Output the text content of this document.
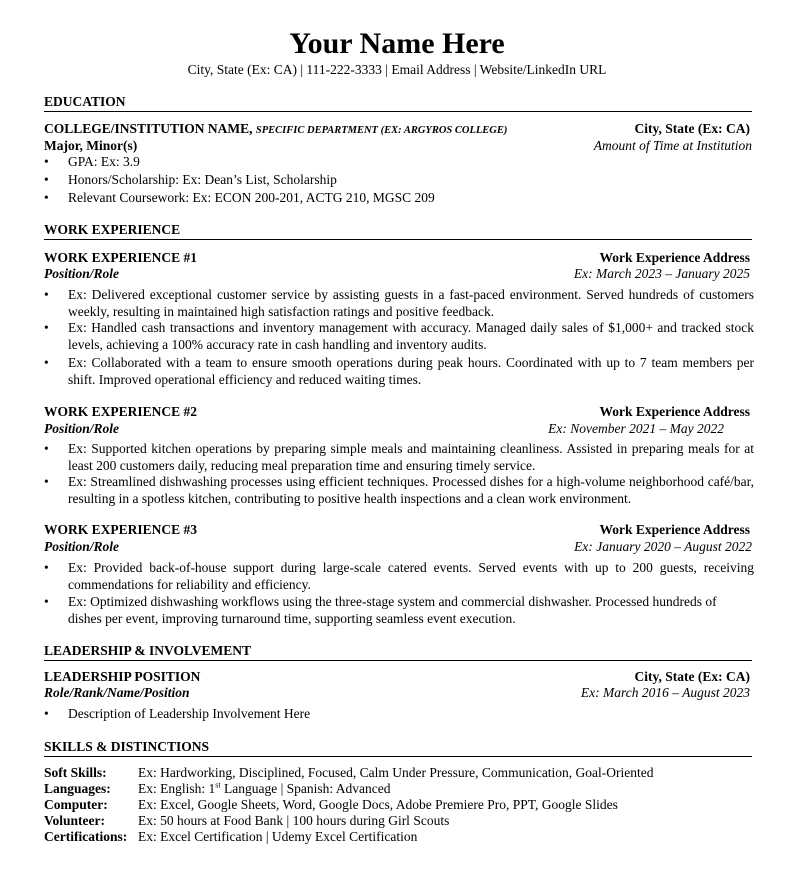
Your Name Here
City, State (Ex: CA) | 111-222-3333 | Email Address | Website/LinkedIn URL
EDUCATION
COLLEGE/INSTITUTION NAME, SPECIFIC DEPARTMENT (EX: ARGYROS COLLEGE)	City, State (Ex: CA)
Major, Minor(s)	Amount of Time at Institution
•	GPA: Ex: 3.9
•	Honors/Scholarship: Ex: Dean’s List, Scholarship
•	Relevant Coursework: Ex: ECON 200-201, ACTG 210, MGSC 209
WORK EXPERIENCE
WORK EXPERIENCE #1	Work Experience Address
Position/Role	Ex: March 2023 – January 2025
•	Ex: Delivered exceptional customer service by assisting guests in a fast-paced environment. Served hundreds of customers weekly, resulting in maintained high satisfaction ratings and positive feedback.
•	Ex: Handled cash transactions and inventory management with accuracy. Managed daily sales of $1,000+ and tracked stock levels, achieving a 100% accuracy rate in cash handling and inventory audits.
•	Ex: Collaborated with a team to ensure smooth operations during peak hours. Coordinated with up to 7 team members per shift. Improved operational efficiency and reduced waiting times.
WORK EXPERIENCE #2	Work Experience Address
Position/Role	Ex: November 2021 – May 2022
•	Ex: Supported kitchen operations by preparing simple meals and maintaining cleanliness. Assisted in preparing meals for at least 200 customers daily, reducing meal preparation time and ensuring timely service.
•	Ex: Streamlined dishwashing processes using efficient techniques. Processed dishes for a high-volume neighborhood café/bar, resulting in a spotless kitchen, contributing to positive health inspections and a clean work environment.
WORK EXPERIENCE #3	Work Experience Address
Position/Role	Ex: January 2020 – August 2022
•	Ex: Provided back-of-house support during large-scale catered events. Served events with up to 200 guests, receiving commendations for reliability and efficiency.
•	Ex: Optimized dishwashing workflows using the three-stage system and commercial dishwasher. Processed hundreds of dishes per event, improving turnaround time, supporting seamless event execution.
LEADERSHIP & INVOLVEMENT
LEADERSHIP POSITION	City, State (Ex: CA)
Role/Rank/Name/Position	Ex: March 2016 – August 2023
•	Description of Leadership Involvement Here
SKILLS & DISTINCTIONS
Soft Skills: Ex: Hardworking, Disciplined, Focused, Calm Under Pressure, Communication, Goal-Oriented
Languages: Ex: English: 1st Language | Spanish: Advanced
Computer: Ex: Excel, Google Sheets, Word, Google Docs, Adobe Premiere Pro, PPT, Google Slides
Volunteer: Ex: 50 hours at Food Bank | 100 hours during Girl Scouts
Certifications: Ex: Excel Certification | Udemy Excel Certification
